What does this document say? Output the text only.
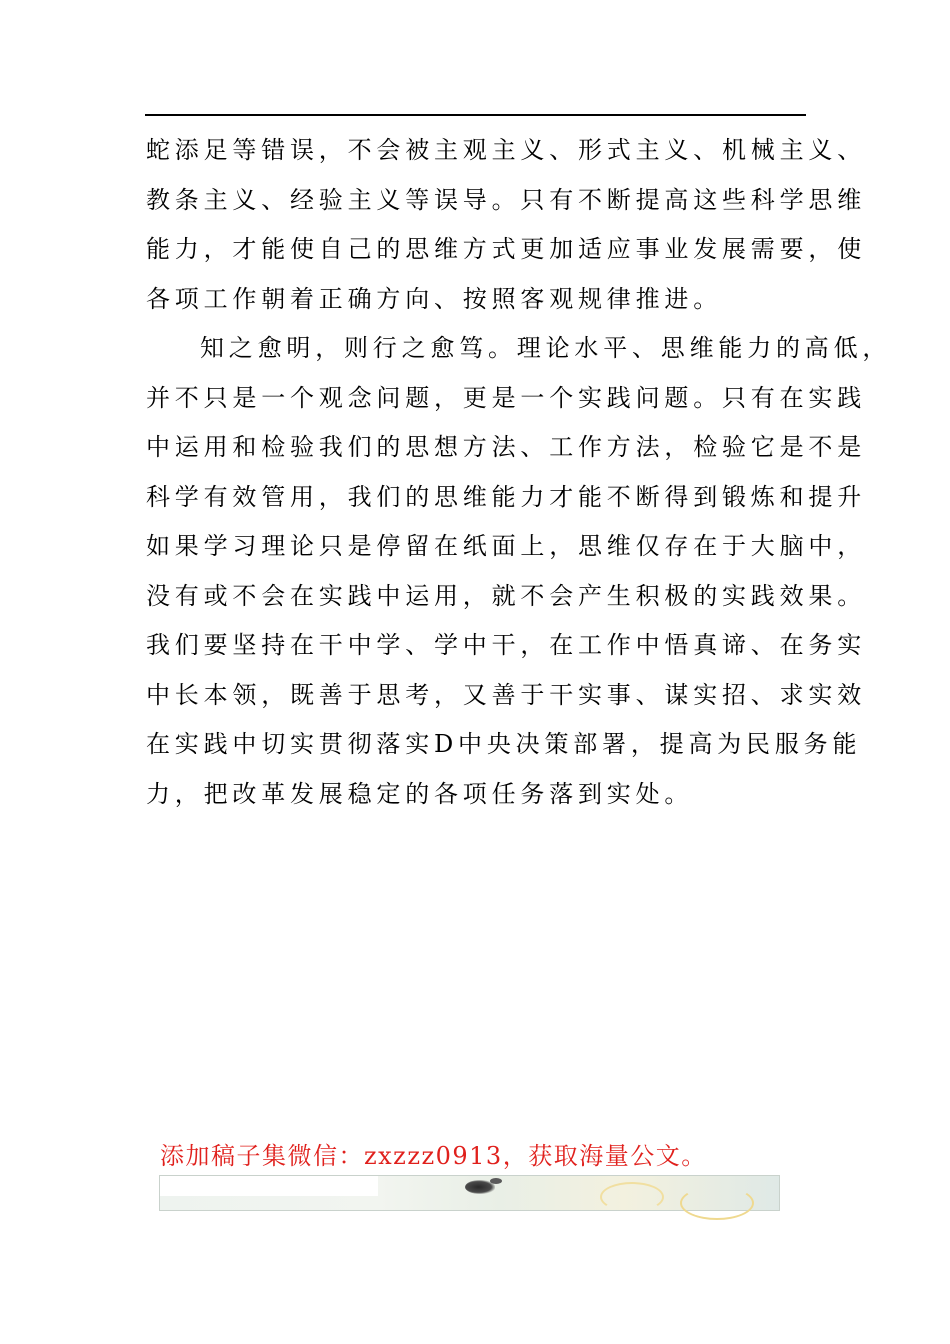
蛇添足等错误，不会被主观主义、形式主义、机械主义、
教条主义、经验主义等误导。只有不断提高这些科学思维
能力，才能使自己的思维方式更加适应事业发展需要，使
各项工作朝着正确方向、按照客观规律推进。
知之愈明，则行之愈笃。理论水平、思维能力的高低，
并不只是一个观念问题，更是一个实践问题。只有在实践
中运用和检验我们的思想方法、工作方法，检验它是不是
科学有效管用，我们的思维能力才能不断得到锻炼和提升
如果学习理论只是停留在纸面上，思维仅存在于大脑中，
没有或不会在实践中运用，就不会产生积极的实践效果。
我们要坚持在干中学、学中干，在工作中悟真谛、在务实
中长本领，既善于思考，又善于干实事、谋实招、求实效
在实践中切实贯彻落实D中央决策部署，提高为民服务能
力，把改革发展稳定的各项任务落到实处。
添加稿子集微信：zxzzz0913，获取海量公文。
